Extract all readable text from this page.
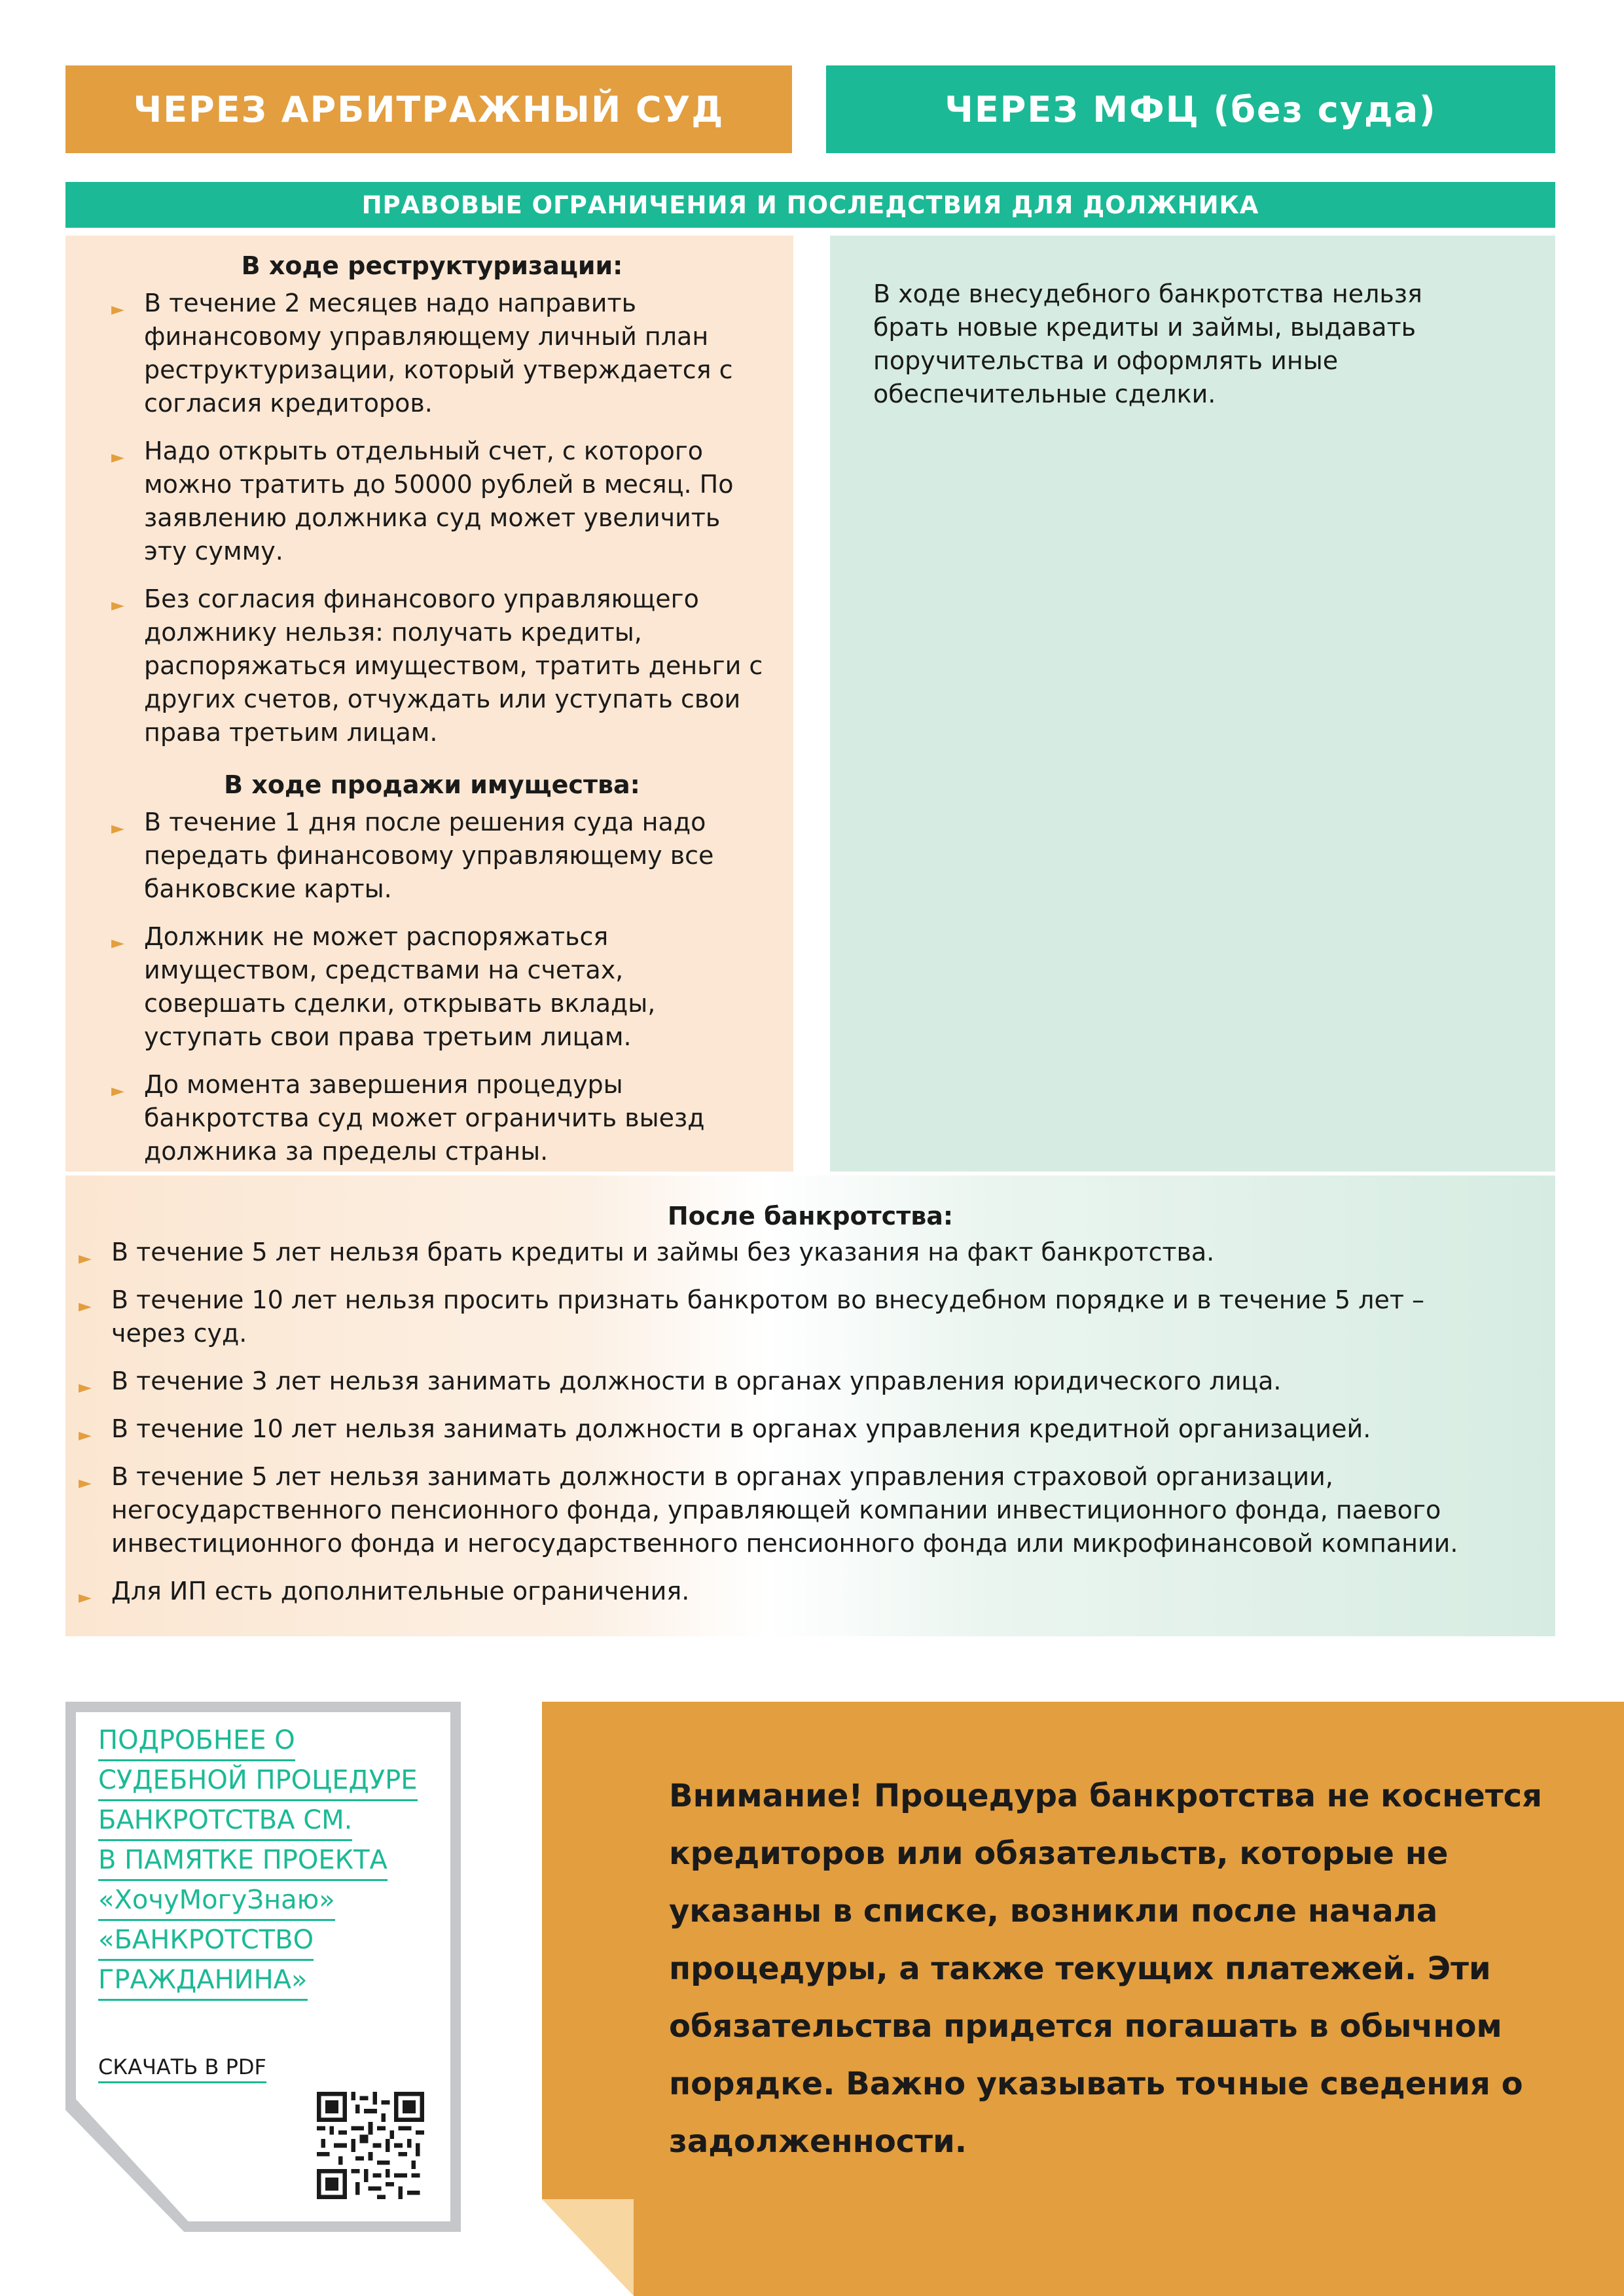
ЧЕРЕЗ АРБИТРАЖНЫЙ СУД	ЧЕРЕЗ МФЦ (без суда)
ПРАВОВЫЕ ОГРАНИЧЕНИЯ И ПОСЛЕДСТВИЯ ДЛЯ ДОЛЖНИКА
В ходе реструктуризации:
► В течение 2 месяцев надо направить финансовому управляющему личный план реструктуризации, который утверждается с согласия кредиторов.
► Надо открыть отдельный счет, с которого можно тратить до 50000 рублей в месяц. По заявлению должника суд может увеличить эту сумму.
► Без согласия финансового управляющего должнику нельзя: получать кредиты, распоряжаться имуществом, тратить деньги с других счетов, отчуждать или уступать свои права третьим лицам.
В ходе продажи имущества:
► В течение 1 дня после решения суда надо передать финансовому управляющему все банковские карты.
► Должник не может распоряжаться имуществом, средствами на счетах, совершать сделки, открывать вклады, уступать свои права третьим лицам.
► До момента завершения процедуры банкротства суд может ограничить выезд должника за пределы страны.
В ходе внесудебного банкротства нельзя брать новые кредиты и займы, выдавать поручительства и оформлять иные обеспечительные сделки.
После банкротства:
► В течение 5 лет нельзя брать кредиты и займы без указания на факт банкротства.
► В течение 10 лет нельзя просить признать банкротом во внесудебном порядке и в течение 5 лет – через суд.
► В течение 3 лет нельзя занимать должности в органах управления юридического лица.
► В течение 10 лет нельзя занимать должности в органах управления кредитной организацией.
► В течение 5 лет нельзя занимать должности в органах управления страховой организации, негосударственного пенсионного фонда, управляющей компании инвестиционного фонда, паевого инвестиционного фонда и негосударственного пенсионного фонда или микрофинансовой компании.
► Для ИП есть дополнительные ограничения.
ПОДРОБНЕЕ О
СУДЕБНОЙ ПРОЦЕДУРЕ
БАНКРОТСТВА СМ.
В ПАМЯТКЕ ПРОЕКТА
«ХочуМогуЗнаю»
«БАНКРОТСТВО
ГРАЖДАНИНА»
СКАЧАТЬ В PDF
Внимание! Процедура банкротства не коснется кредиторов или обязательств, которые не указаны в списке, возникли после начала процедуры, а также текущих платежей. Эти обязательства придется погашать в обычном порядке. Важно указывать точные сведения о задолженности.
